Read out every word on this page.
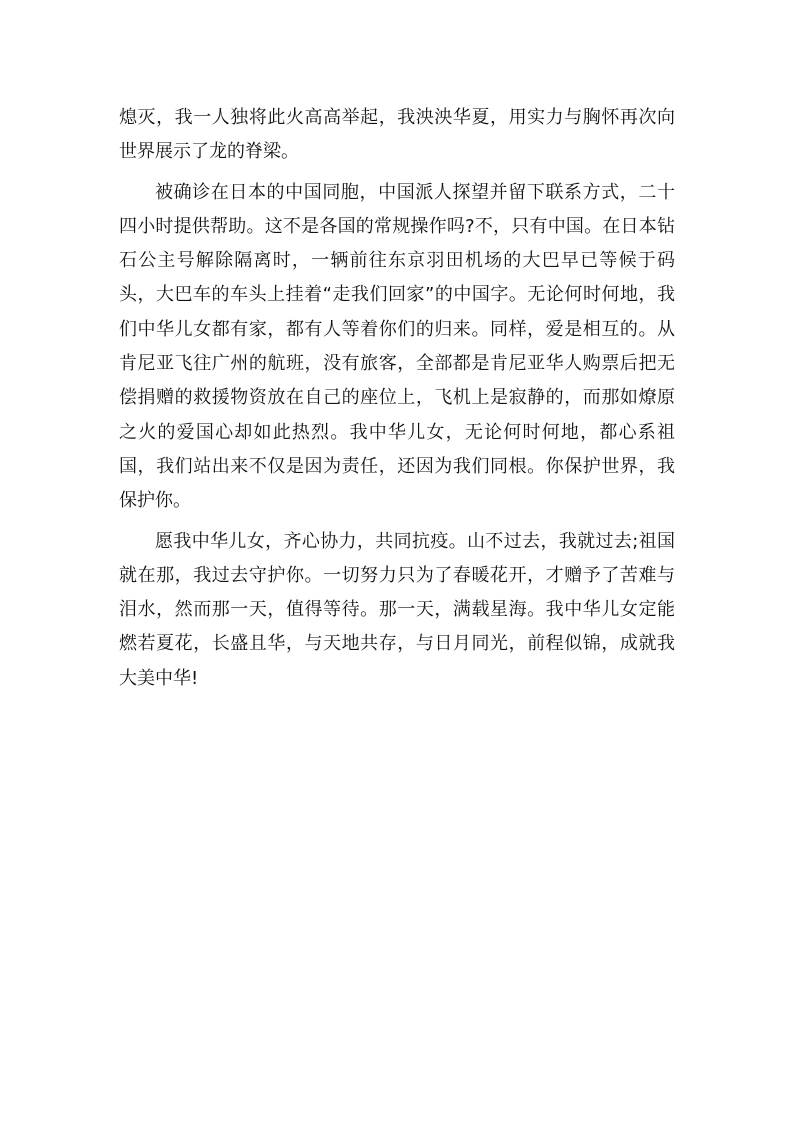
熄灭，我一人独将此火高高举起，我泱泱华夏，用实力与胸怀再次向世界展示了龙的脊梁。

被确诊在日本的中国同胞，中国派人探望并留下联系方式，二十四小时提供帮助。这不是各国的常规操作吗?不，只有中国。在日本钻石公主号解除隔离时，一辆前往东京羽田机场的大巴早已等候于码头，大巴车的车头上挂着“走我们回家”的中国字。无论何时何地，我们中华儿女都有家，都有人等着你们的归来。同样，爱是相互的。从肯尼亚飞往广州的航班，没有旅客，全部都是肯尼亚华人购票后把无偿捐赠的救援物资放在自己的座位上，飞机上是寂静的，而那如燎原之火的爱国心却如此热烈。我中华儿女，无论何时何地，都心系祖国，我们站出来不仅是因为责任，还因为我们同根。你保护世界，我保护你。

愿我中华儿女，齐心协力，共同抗疫。山不过去，我就过去;祖国就在那，我过去守护你。一切努力只为了春暖花开，才赠予了苦难与泪水，然而那一天，值得等待。那一天，满载星海。我中华儿女定能燃若夏花，长盛且华，与天地共存，与日月同光，前程似锦，成就我大美中华!
